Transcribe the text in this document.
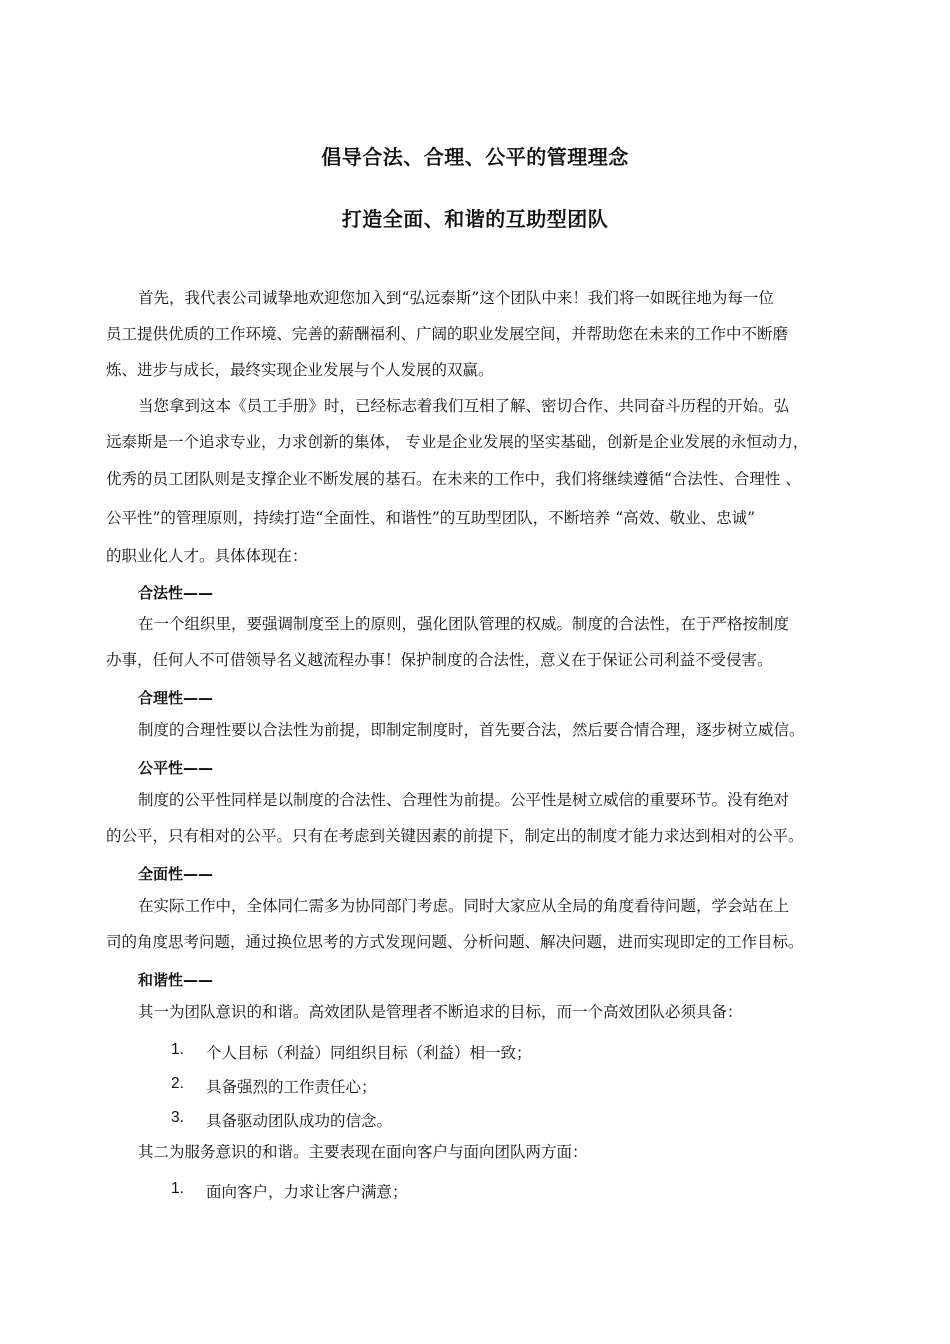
倡导合法、合理、公平的管理理念
打造全面、和谐的互助型团队
首先，我代表公司诚挚地欢迎您加入到“弘远泰斯”这个团队中来！我们将一如既往地为每一位
员工提供优质的工作环境、完善的薪酬福利、广阔的职业发展空间，并帮助您在未来的工作中不断磨
炼、进步与成长，最终实现企业发展与个人发展的双赢。
当您拿到这本《员工手册》时，已经标志着我们互相了解、密切合作、共同奋斗历程的开始。弘
远泰斯是一个追求专业，力求创新的集体， 专业是企业发展的坚实基础，创新是企业发展的永恒动力，
优秀的员工团队则是支撑企业不断发展的基石。在未来的工作中，我们将继续遵循“合法性、合理性 、
公平性”的管理原则，持续打造“全面性、和谐性”的互助型团队，不断培养 “高效、敬业、忠诚”
的职业化人才。具体体现在：
合法性——
在一个组织里，要强调制度至上的原则，强化团队管理的权威。制度的合法性，在于严格按制度
办事，任何人不可借领导名义越流程办事！保护制度的合法性，意义在于保证公司利益不受侵害。
合理性——
制度的合理性要以合法性为前提，即制定制度时，首先要合法，然后要合情合理，逐步树立威信。
公平性——
制度的公平性同样是以制度的合法性、合理性为前提。公平性是树立威信的重要环节。没有绝对
的公平，只有相对的公平。只有在考虑到关键因素的前提下，制定出的制度才能力求达到相对的公平。
全面性——
在实际工作中，全体同仁需多为协同部门考虑。同时大家应从全局的角度看待问题，学会站在上
司的角度思考问题，通过换位思考的方式发现问题、分析问题、解决问题，进而实现即定的工作目标。
和谐性——
其一为团队意识的和谐。高效团队是管理者不断追求的目标，而一个高效团队必须具备：
1. 个人目标（利益）同组织目标（利益）相一致；
2. 具备强烈的工作责任心；
3. 具备驱动团队成功的信念。
其二为服务意识的和谐。主要表现在面向客户与面向团队两方面：
1. 面向客户，力求让客户满意；
